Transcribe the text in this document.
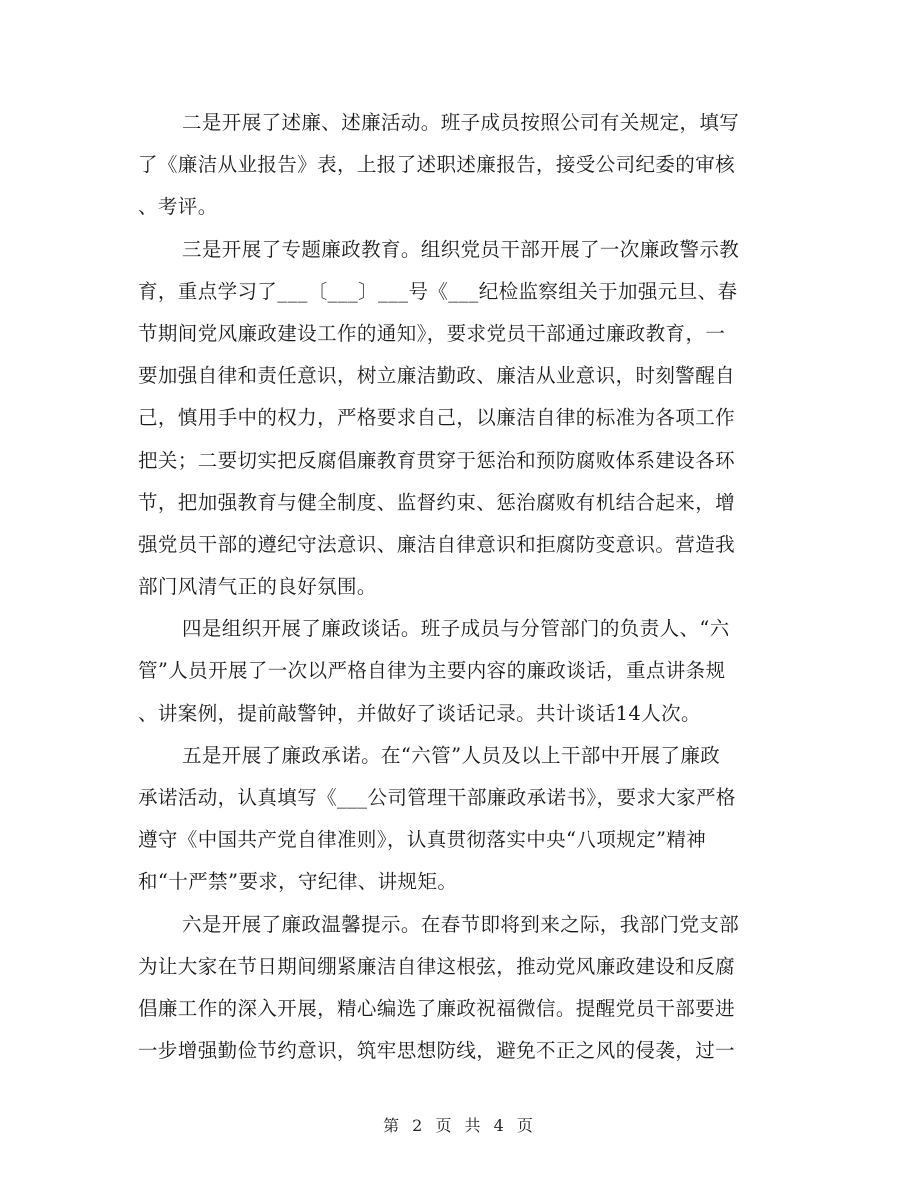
二是开展了述廉、述廉活动。班子成员按照公司有关规定，填写
了《廉洁从业报告》表，上报了述职述廉报告，接受公司纪委的审核
、考评。
三是开展了专题廉政教育。组织党员干部开展了一次廉政警示教
育，重点学习了___〔___〕___号《___纪检监察组关于加强元旦、春
节期间党风廉政建设工作的通知》，要求党员干部通过廉政教育，一
要加强自律和责任意识，树立廉洁勤政、廉洁从业意识，时刻警醒自
己，慎用手中的权力，严格要求自己，以廉洁自律的标准为各项工作
把关；二要切实把反腐倡廉教育贯穿于惩治和预防腐败体系建设各环
节，把加强教育与健全制度、监督约束、惩治腐败有机结合起来，增
强党员干部的遵纪守法意识、廉洁自律意识和拒腐防变意识。营造我
部门风清气正的良好氛围。
四是组织开展了廉政谈话。班子成员与分管部门的负责人、“六
管”人员开展了一次以严格自律为主要内容的廉政谈话，重点讲条规
、讲案例，提前敲警钟，并做好了谈话记录。共计谈话14人次。
五是开展了廉政承诺。在“六管”人员及以上干部中开展了廉政
承诺活动，认真填写《___公司管理干部廉政承诺书》，要求大家严格
遵守《中国共产党自律准则》，认真贯彻落实中央“八项规定”精神
和“十严禁”要求，守纪律、讲规矩。
六是开展了廉政温馨提示。在春节即将到来之际，我部门党支部
为让大家在节日期间绷紧廉洁自律这根弦，推动党风廉政建设和反腐
倡廉工作的深入开展，精心编选了廉政祝福微信。提醒党员干部要进
一步增强勤俭节约意识，筑牢思想防线，避免不正之风的侵袭，过一
第 2 页 共 4 页
